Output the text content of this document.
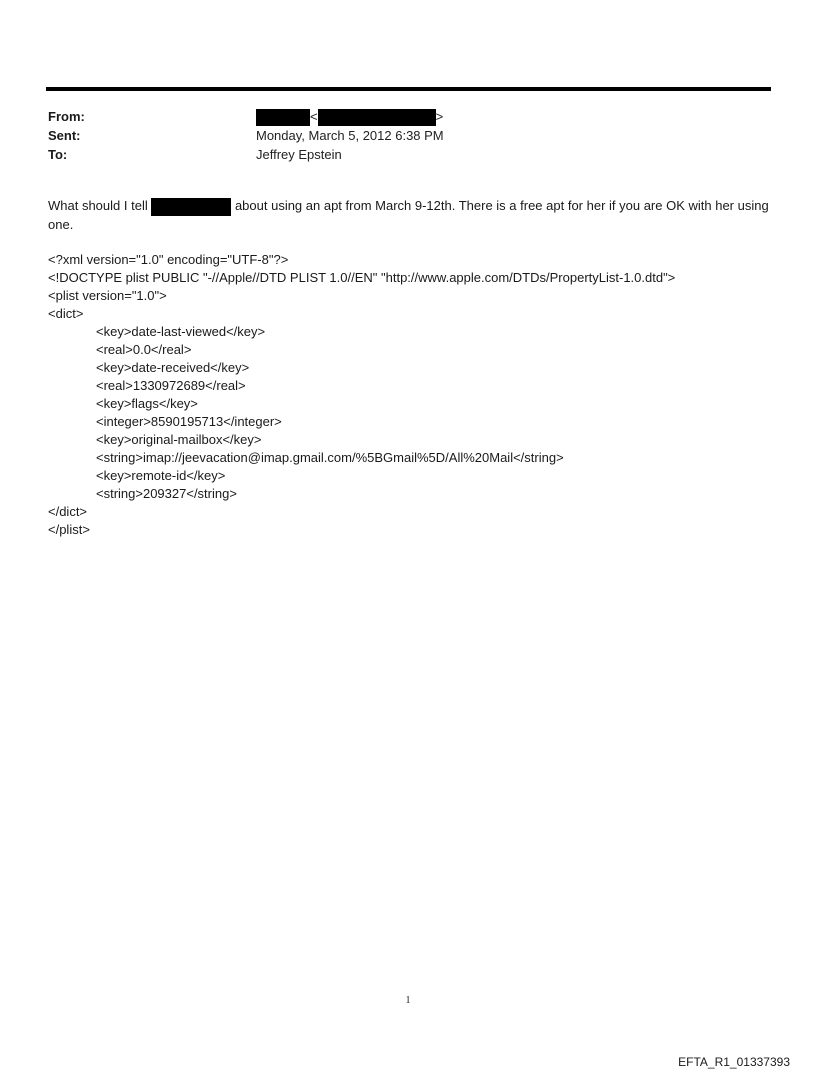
From:	<	>
Sent:	Monday, March 5, 2012 6:38 PM
To:	Jeffrey Epstein

What should I tell	about using an apt from March 9-12th. There is a free apt for her if you are OK with her using one.

<?xml version="1.0" encoding="UTF-8"?>
<!DOCTYPE plist PUBLIC "-//Apple//DTD PLIST 1.0//EN" "http://www.apple.com/DTDs/PropertyList-1.0.dtd">
<plist version="1.0">
<dict>
<key>date-last-viewed</key>
<real>0.0</real>
<key>date-received</key>
<real>1330972689</real>
<key>flags</key>
<integer>8590195713</integer>
<key>original-mailbox</key>
<string>imap://jeevacation@imap.gmail.com/%5BGmail%5D/All%20Mail</string>
<key>remote-id</key>
<string>209327</string>
</dict>
</plist>
1
EFTA_R1_01337393
